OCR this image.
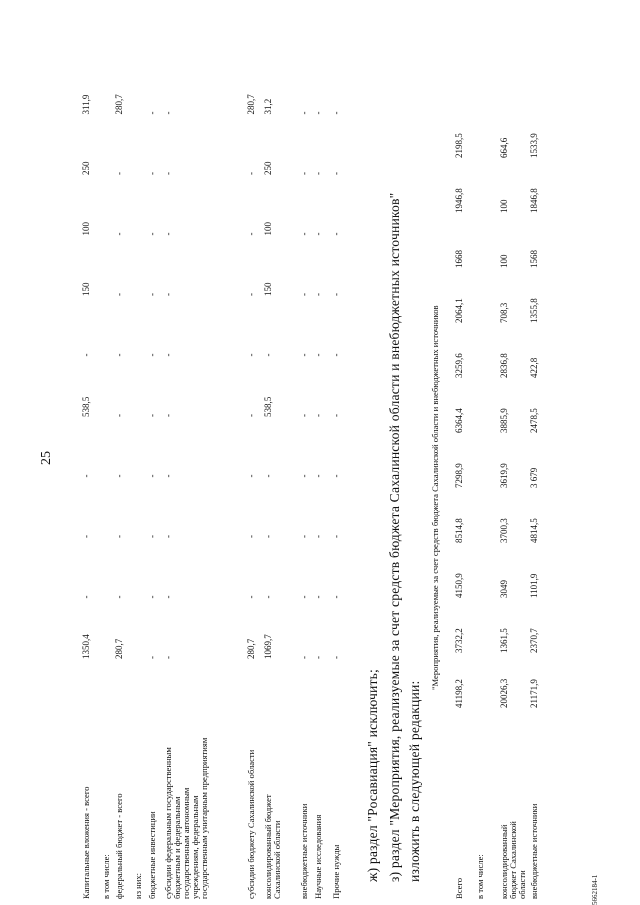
25
Капитальные вложения - всего
1350,4
-
-
-
538,5
-
150
100
250
311,9
в том числе: федеральный бюджет - всего
280,7
-
-
-
-
-
-
-
-
280,7
из них: бюджетные инвестиции
-
-
-
-
-
-
-
-
-
-
субсидии федеральным государственным бюджетным и федеральным государственным автономным учреждениям, федеральным государственным унитарным предприятиям
-
-
-
-
-
-
-
-
-
-
субсидии бюджету Сахалинской области
280,7
-
-
-
-
-
-
-
-
280,7
консолидированный бюджет Сахалинской области
1069,7
-
-
-
538,5
-
150
100
250
31,2
внебюджетные источники
-
-
-
-
-
-
-
-
-
-
Научные исследования
-
-
-
-
-
-
-
-
-
-
Прочие нужды
-
-
-
-
-
-
-
-
-
-
ж) раздел "Росавиация" исключить; з) раздел "Мероприятия, реализуемые за счет средств бюджета Сахалинской области и внебюджетных источников" изложить в следующей редакции:
"Мероприятия, реализуемые за счет средств бюджета Сахалинской области и внебюджетных источников
Всего
41198,2
3732,2
4150,9
8514,8
7298,9
6364,4
3259,6
2064,1
1668
1946,8
2198,5
в том числе: консолидированный бюджет Сахалинской области
20026,3
1361,5
3049
3700,3
3619,9
3885,9
2836,8
708,3
100
100
664,6
внебюджетные источники
21171,9
2370,7
1101,9
4814,5
3 679
2478,5
422,8
1355,8
1568
1846,8
1533,9
5662184-1
